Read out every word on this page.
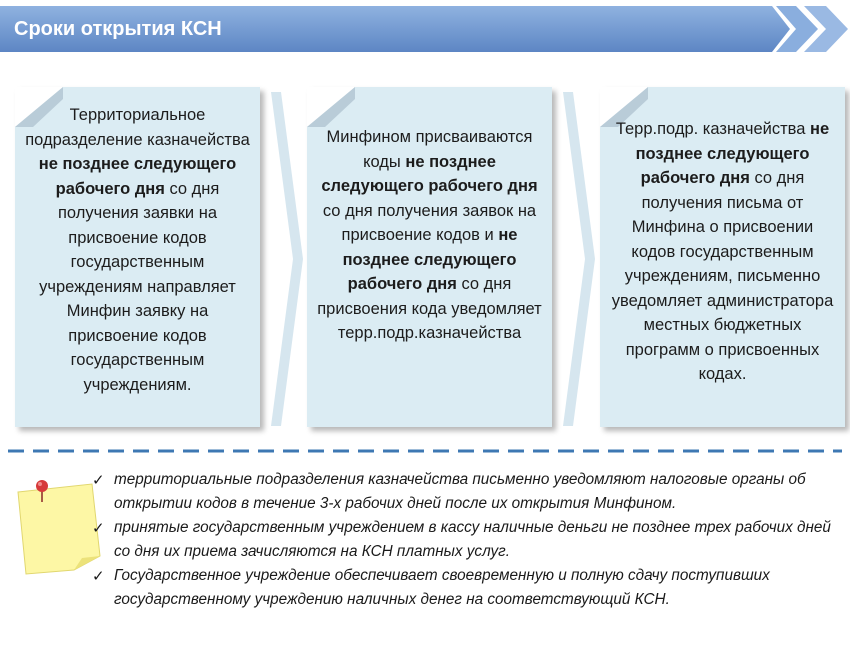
Сроки открытия КСН
Территориальное подразделение казначейства не позднее следующего рабочего дня со дня получения заявки на присвоение кодов государственным учреждениям направляет Минфин заявку на присвоение кодов государственным учреждениям.
Минфином присваиваются коды не позднее следующего рабочего дня со дня получения заявок на присвоение кодов и не позднее следующего рабочего дня со дня присвоения кода уведомляет терр.подр.казначейства
Терр.подр. казначейства не позднее следующего рабочего дня со дня получения письма от Минфина о присвоении кодов государственным учреждениям, письменно уведомляет администратора местных бюджетных программ о присвоенных кодах.
✓ территориальные подразделения казначейства письменно уведомляют налоговые органы об открытии кодов в течение 3-х рабочих дней после их открытия Минфином.
✓ принятые государственным учреждением в кассу наличные деньги не позднее трех рабочих дней со дня их приема зачисляются на КСН платных услуг.
✓ Государственное учреждение обеспечивает своевременную и полную сдачу поступивших государственному учреждению наличных денег на соответствующий КСН.
